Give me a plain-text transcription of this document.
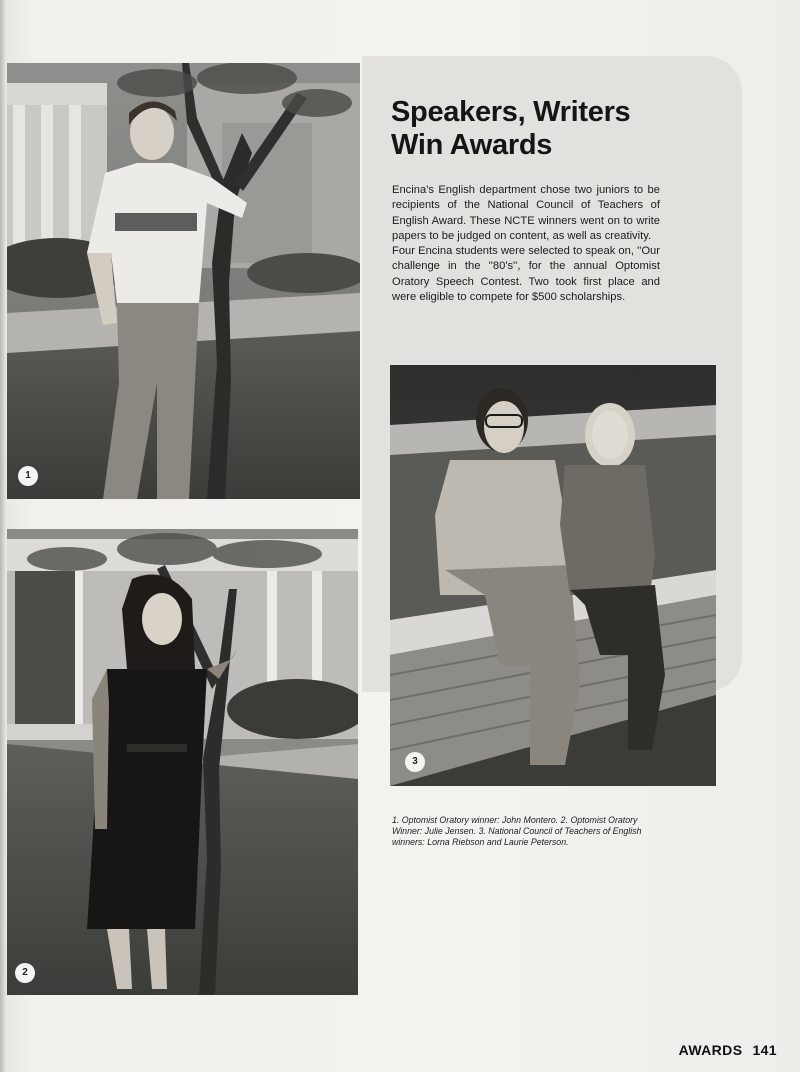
1
2
3
Speakers, Writers
Win Awards

Encina's English department chose two juniors to be recipients of the National Council of Teachers of English Award. These NCTE winners went on to write papers to be judged on content, as well as creativity.

Four Encina students were selected to speak on, ''Our challenge in the ''80's'', for the annual Optomist Oratory Speech Contest. Two took first place and were eligible to compete for $500 scholarships.

1. Optomist Oratory winner: John Montero. 2. Optomist Oratory Winner: Julie Jensen. 3. National Council of Teachers of English winners: Lorna Riebson and Laurie Peterson.
AWARDS 141
